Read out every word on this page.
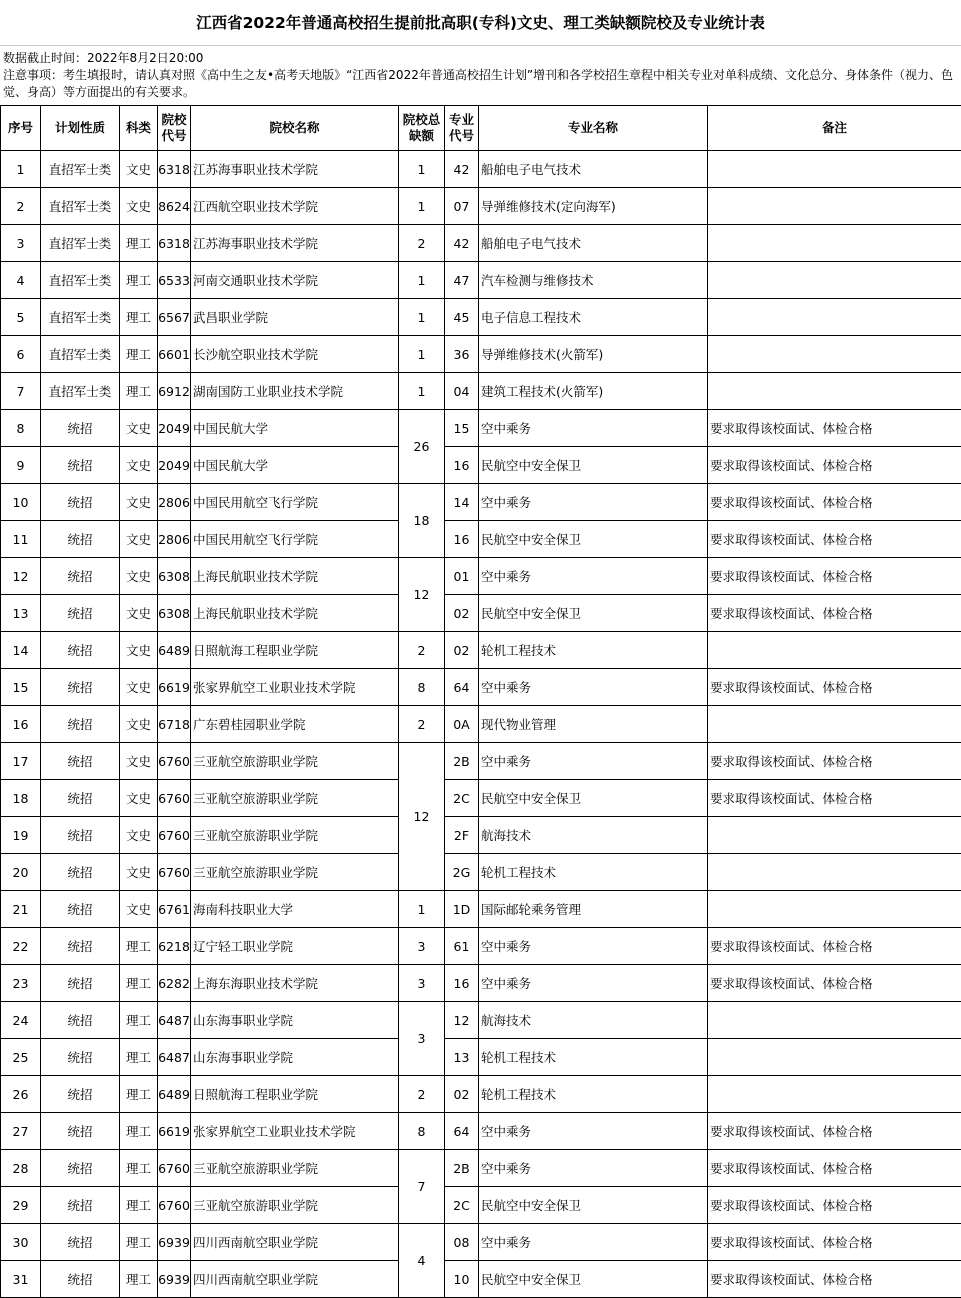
江西省2022年普通高校招生提前批高职(专科)文史、理工类缺额院校及专业统计表
数据截止时间：2022年8月2日20:00
注意事项：考生填报时，请认真对照《高中生之友•高考天地版》“江西省2022年普通高校招生计划”增刊和各学校招生章程中相关专业对单科成绩、文化总分、身体条件（视力、色觉、身高）等方面提出的有关要求。
序号	计划性质	科类	院校代号	院校名称	院校总缺额	专业代号	专业名称	备注
1	直招军士类	文史	6318	江苏海事职业技术学院	1	42	船舶电子电气技术	
2	直招军士类	文史	8624	江西航空职业技术学院	1	07	导弹维修技术(定向海军)	
3	直招军士类	理工	6318	江苏海事职业技术学院	2	42	船舶电子电气技术	
4	直招军士类	理工	6533	河南交通职业技术学院	1	47	汽车检测与维修技术	
5	直招军士类	理工	6567	武昌职业学院	1	45	电子信息工程技术	
6	直招军士类	理工	6601	长沙航空职业技术学院	1	36	导弹维修技术(火箭军)	
7	直招军士类	理工	6912	湖南国防工业职业技术学院	1	04	建筑工程技术(火箭军)	
8	统招	文史	2049	中国民航大学	26	15	空中乘务	要求取得该校面试、体检合格
9	统招	文史	2049	中国民航大学		16	民航空中安全保卫	要求取得该校面试、体检合格
10	统招	文史	2806	中国民用航空飞行学院	18	14	空中乘务	要求取得该校面试、体检合格
11	统招	文史	2806	中国民用航空飞行学院		16	民航空中安全保卫	要求取得该校面试、体检合格
12	统招	文史	6308	上海民航职业技术学院	12	01	空中乘务	要求取得该校面试、体检合格
13	统招	文史	6308	上海民航职业技术学院		02	民航空中安全保卫	要求取得该校面试、体检合格
14	统招	文史	6489	日照航海工程职业学院	2	02	轮机工程技术	
15	统招	文史	6619	张家界航空工业职业技术学院	8	64	空中乘务	要求取得该校面试、体检合格
16	统招	文史	6718	广东碧桂园职业学院	2	0A	现代物业管理	
17	统招	文史	6760	三亚航空旅游职业学院	12	2B	空中乘务	要求取得该校面试、体检合格
18	统招	文史	6760	三亚航空旅游职业学院		2C	民航空中安全保卫	要求取得该校面试、体检合格
19	统招	文史	6760	三亚航空旅游职业学院		2F	航海技术	
20	统招	文史	6760	三亚航空旅游职业学院		2G	轮机工程技术	
21	统招	文史	6761	海南科技职业大学	1	1D	国际邮轮乘务管理	
22	统招	理工	6218	辽宁轻工职业学院	3	61	空中乘务	要求取得该校面试、体检合格
23	统招	理工	6282	上海东海职业技术学院	3	16	空中乘务	要求取得该校面试、体检合格
24	统招	理工	6487	山东海事职业学院	3	12	航海技术	
25	统招	理工	6487	山东海事职业学院		13	轮机工程技术	
26	统招	理工	6489	日照航海工程职业学院	2	02	轮机工程技术	
27	统招	理工	6619	张家界航空工业职业技术学院	8	64	空中乘务	要求取得该校面试、体检合格
28	统招	理工	6760	三亚航空旅游职业学院	7	2B	空中乘务	要求取得该校面试、体检合格
29	统招	理工	6760	三亚航空旅游职业学院		2C	民航空中安全保卫	要求取得该校面试、体检合格
30	统招	理工	6939	四川西南航空职业学院	4	08	空中乘务	要求取得该校面试、体检合格
31	统招	理工	6939	四川西南航空职业学院		10	民航空中安全保卫	要求取得该校面试、体检合格
